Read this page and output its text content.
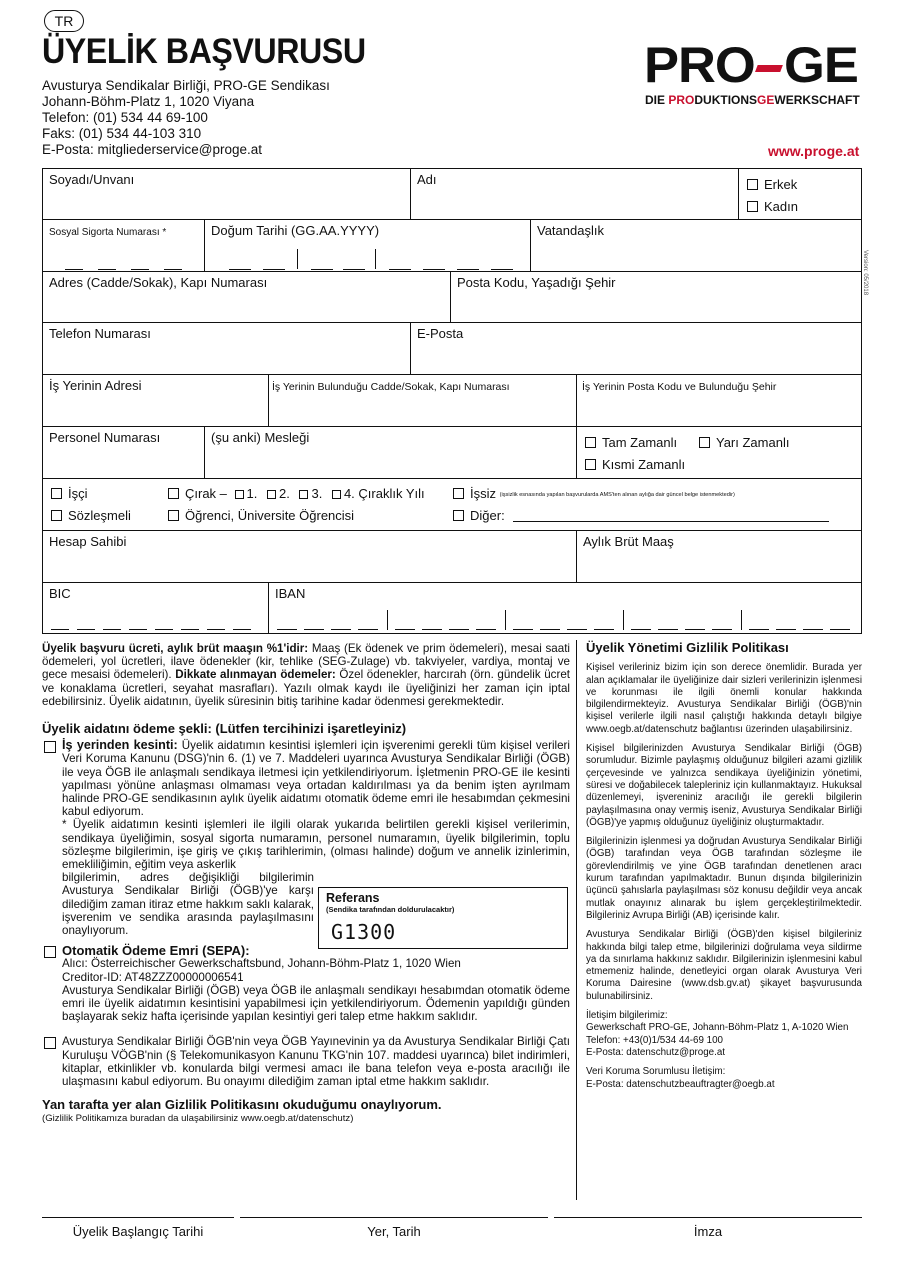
TR
ÜYELİK BAŞVURUSU
Avusturya Sendikalar Birliği, PRO-GE Sendikası
Johann-Böhm-Platz 1, 1020 Viyana
Telefon: (01) 534 44 69-100
Faks: (01) 534 44-103 310
E-Posta: mitgliederservice@proge.at
PRO GE
DIE PRODUKTIONSGEWERKSCHAFT
www.proge.at
Version: 05/2018
Soyadı/Unvanı	Adı	Erkek
Kadın
Sosyal Sigorta Numarası *	Doğum Tarihi (GG.AA.YYYY)	Vatandaşlık
Adres (Cadde/Sokak), Kapı Numarası	Posta Kodu, Yaşadığı Şehir
Telefon Numarası	E-Posta
İş Yerinin Adresi	İş Yerinin Bulunduğu Cadde/Sokak, Kapı Numarası	İş Yerinin Posta Kodu ve Bulunduğu Şehir
Personel Numarası	(şu anki) Mesleği	Tam Zamanlı	Yarı Zamanlı
Kısmi Zamanlı
İşçi	Çırak – 1. 2. 3. 4. Çıraklık Yılı	İşsiz (işsizlik esnasında yapılan başvurularda AMS'ten alınan aylığa dair güncel belge istenmektedir)
Sözleşmeli	Öğrenci, Üniversite Öğrencisi	Diğer:
Hesap Sahibi	Aylık Brüt Maaş
BIC	IBAN

Üyelik başvuru ücreti, aylık brüt maaşın %1'idir: Maaş (Ek ödenek ve prim ödemeleri), mesai saati ödemeleri, yol ücretleri, ilave ödenekler (kir, tehlike (SEG-Zulage) vb. takviyeler, vardiya, montaj ve gece mesaisi ödemeleri). Dikkate alınmayan ödemeler: Özel ödenekler, harcırah (örn. gündelik ücret ve konaklama ücretleri, seyahat masrafları). Yazılı olmak kaydı ile üyeliğinizi her zaman için iptal edebilirsiniz. Üyelik aidatının, üyelik süresinin bitiş tarihine kadar ödenmesi gerekmektedir.

Üyelik aidatını ödeme şekli: (Lütfen tercihinizi işaretleyiniz)

İş yerinden kesinti: Üyelik aidatımın kesintisi işlemleri için işverenimi gerekli tüm kişisel verileri Veri Koruma Kanunu (DSG)'nin 6. (1) ve 7. Maddeleri uyarınca Avusturya Sendikalar Birliği (ÖGB) ile veya ÖGB ile anlaşmalı sendikaya iletmesi için yetkilendiriyorum. İşletmenin PRO-GE ile kesinti yapılması yönüne anlaşması olmaması veya ortadan kaldırılması ya da benim işten ayrılmam halinde PRO-GE sendikasının aylık üyelik aidatımı otomatik ödeme emri ile hesabımdan çekmesini kabul ediyorum.

* Üyelik aidatımın kesinti işlemleri ile ilgili olarak yukarıda belirtilen gerekli kişisel verilerimin, sendikaya üyeliğimin, sosyal sigorta numaramın, personel numaramın, üyelik bilgilerimin, toplu sözleşme bilgilerimin, işe giriş ve çıkış tarihlerimin, (olması halinde) doğum ve annelik izinlerimin, emekliliğimin, eğitim veya askerlik

bilgilerimin, adres değişikliği bilgilerimin Avusturya Sendikalar Birliği (ÖGB)'ye karşı dilediğim zaman itiraz etme hakkım saklı kalarak, işverenim ve sendika arasında paylaşılmasını onaylıyorum.

Otomatik Ödeme Emri (SEPA):
Alıcı: Österreichischer Gewerkschaftsbund, Johann-Böhm-Platz 1, 1020 Wien
Creditor-ID: AT48ZZZ00000006541
Avusturya Sendikalar Birliği (ÖGB) veya ÖGB ile anlaşmalı sendikayı hesabımdan otomatik ödeme emri ile üyelik aidatımın kesintisini yapabilmesi için yetkilendiriyorum. Ödemenin yapıldığı günden başlayarak sekiz hafta içerisinde yapılan kesintiyi geri talep etme hakkım saklıdır.
Avusturya Sendikalar Birliği ÖGB'nin veya ÖGB Yayınevinin ya da Avusturya Sendikalar Birliği Çatı Kuruluşu VÖGB'nin (§ Telekomunikasyon Kanunu TKG'nin 107. maddesi uyarınca) bilet indirimleri, kitaplar, etkinlikler vb. konularda bilgi vermesi amacı ile bana telefon veya e-posta aracılığı ile ulaşmasını kabul ediyorum. Bu onayımı dilediğim zaman iptal etme hakkım saklıdır.
Yan tarafta yer alan Gizlilik Politikasını okuduğumu onaylıyorum.
(Gizlilik Politikamıza buradan da ulaşabilirsiniz www.oegb.at/datenschutz)
Referans
(Sendika tarafından doldurulacaktır)
G1300

Üyelik Yönetimi Gizlilik Politikası

Kişisel verileriniz bizim için son derece önemlidir. Burada yer alan açıklamalar ile üyeliğinize dair sizleri verilerinizin işlenmesi ve korunması ile ilgili önemli konular hakkında bilgilendirmekteyiz. Avusturya Sendikalar Birliği (ÖGB)'nin kişisel verilerle ilgili nasıl çalıştığı hakkında detaylı bilgiye www.oegb.at/datenschutz bağlantısı üzerinden ulaşabilirsiniz.

Kişisel bilgilerinizden Avusturya Sendikalar Birliği (ÖGB) sorumludur. Bizimle paylaşmış olduğunuz bilgileri azami gizlilik çerçevesinde ve yalnızca sendikaya üyeliğinizin yönetimi, süresi ve doğabilecek talepleriniz için kullanmaktayız. Hukuksal düzenlemeyi, işvereniniz aracılığı ile gerekli bilgilerin paylaşılmasına onay vermiş iseniz, Avusturya Sendikalar Birliği (ÖGB)'ye yapmış olduğunuz üyeliğiniz oluşturmaktadır.

Bilgilerinizin işlenmesi ya doğrudan Avusturya Sendikalar Birliği (ÖGB) tarafından veya ÖGB tarafından sözleşme ile görevlendirilmiş ve yine ÖGB tarafından denetlenen aracı kurum tarafından yapılmaktadır. Bunun dışında bilgilerinizin üçüncü şahıslarla paylaşılması söz konusu değildir veya ancak mutlak onayınız alınarak bu işlem gerçekleştirilmektedir. Bilgileriniz Avrupa Birliği (AB) içerisinde kalır.

Avusturya Sendikalar Birliği (ÖGB)'den kişisel bilgileriniz hakkında bilgi talep etme, bilgilerinizi doğrulama veya sildirme ya da sınırlama hakkınız saklıdır. Bilgilerinizin işlenmesini kabul etmemeniz halinde, denetleyici organ olarak Avusturya Veri Koruma Dairesine (www.dsb.gv.at) şikayet başvurusunda bulunabilirsiniz.

İletişim bilgilerimiz:
Gewerkschaft PRO-GE, Johann-Böhm-Platz 1, A-1020 Wien
Telefon: +43(0)1/534 44-69 100
E-Posta: datenschutz@proge.at
Veri Koruma Sorumlusu İletişim:
E-Posta: datenschutzbeauftragter@oegb.at
Üyelik Başlangıç Tarihi	Yer, Tarih	İmza
